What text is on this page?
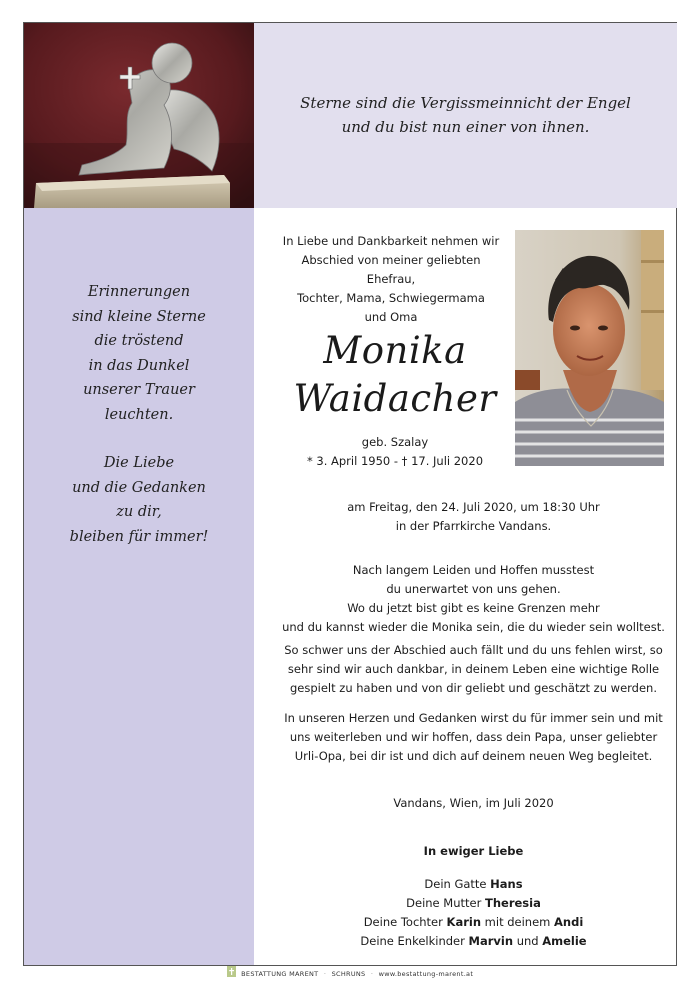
Sterne sind die Vergissmeinnicht der Engel
und du bist nun einer von ihnen.
Erinnerungen
sind kleine Sterne
die tröstend
in das Dunkel
unserer Trauer
leuchten.
Die Liebe
und die Gedanken
zu dir,
bleiben für immer!
In Liebe und Dankbarkeit nehmen wir
Abschied von meiner geliebten Ehefrau,
Tochter, Mama, Schwiegermama
und Oma
Monika
Waidacher
geb. Szalay
* 3. April 1950 - † 17. Juli 2020
am Freitag, den 24. Juli 2020, um 18:30 Uhr
in der Pfarrkirche Vandans.
Nach langem Leiden und Hoffen musstest
du unerwartet von uns gehen.
Wo du jetzt bist gibt es keine Grenzen mehr
und du kannst wieder die Monika sein, die du wieder sein wolltest.
So schwer uns der Abschied auch fällt und du uns fehlen wirst, so
sehr sind wir auch dankbar, in deinem Leben eine wichtige Rolle
gespielt zu haben und von dir geliebt und geschätzt zu werden.
In unseren Herzen und Gedanken wirst du für immer sein und mit
uns weiterleben und wir hoffen, dass dein Papa, unser geliebter
Urli-Opa, bei dir ist und dich auf deinem neuen Weg begleitet.
Vandans, Wien, im Juli 2020
In ewiger Liebe
Dein Gatte Hans
Deine Mutter Theresia
Deine Tochter Karin mit deinem Andi
Deine Enkelkinder Marvin und Amelie
BESTATTUNG MARENT · SCHRUNS · www.bestattung-marent.at
